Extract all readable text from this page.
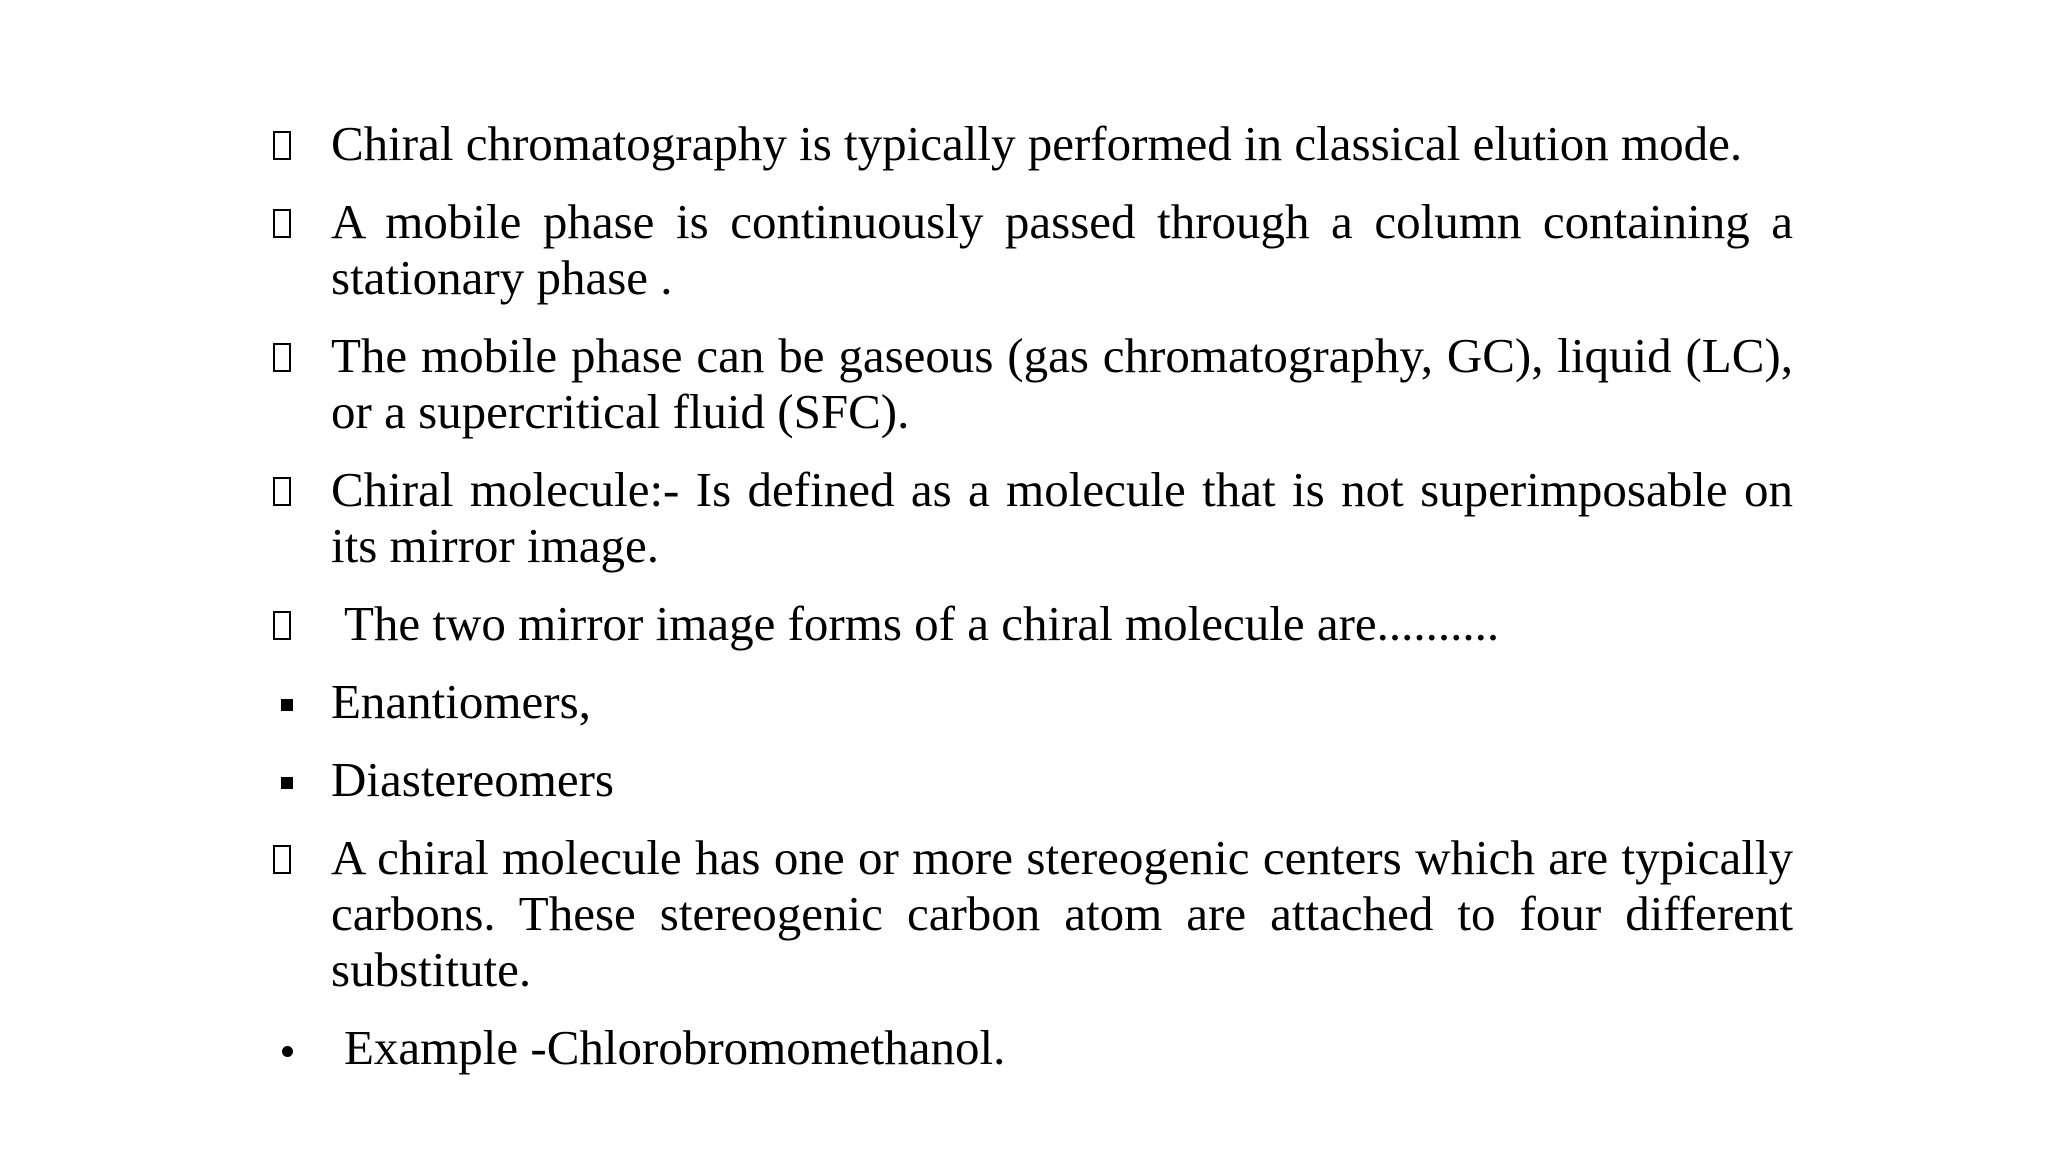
Chiral chromatography is typically performed in classical elution mode.
A mobile phase is continuously passed through a column containing a stationary phase .
The mobile phase can be gaseous (gas chromatography, GC), liquid (LC), or a supercritical fluid (SFC).
Chiral molecule:- Is defined as a molecule that is not superimposable on its mirror image.
The two mirror image forms of a chiral molecule are..........
Enantiomers,
Diastereomers
A chiral molecule has one or more stereogenic centers which are typically carbons. These stereogenic carbon atom are attached to four different substitute.
Example -Chlorobromomethanol.
